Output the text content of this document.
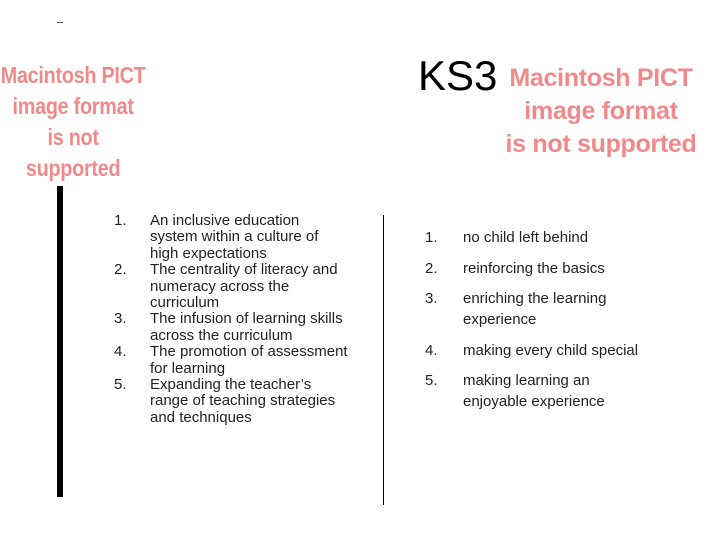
KS3
Macintosh PICT
image format
is not supported
Macintosh PICT
image format
is not supported
1.	An inclusive education system within a culture of high expectations
2.	The centrality of literacy and numeracy across the curriculum
3.	The infusion of learning skills across the curriculum
4.	The promotion of assessment for learning
5.	Expanding the teacher’s range of teaching strategies and techniques
1.	no child left behind
2.	reinforcing the basics
3.	enriching the learning experience
4.	making every child special
5.	making learning an enjoyable experience
